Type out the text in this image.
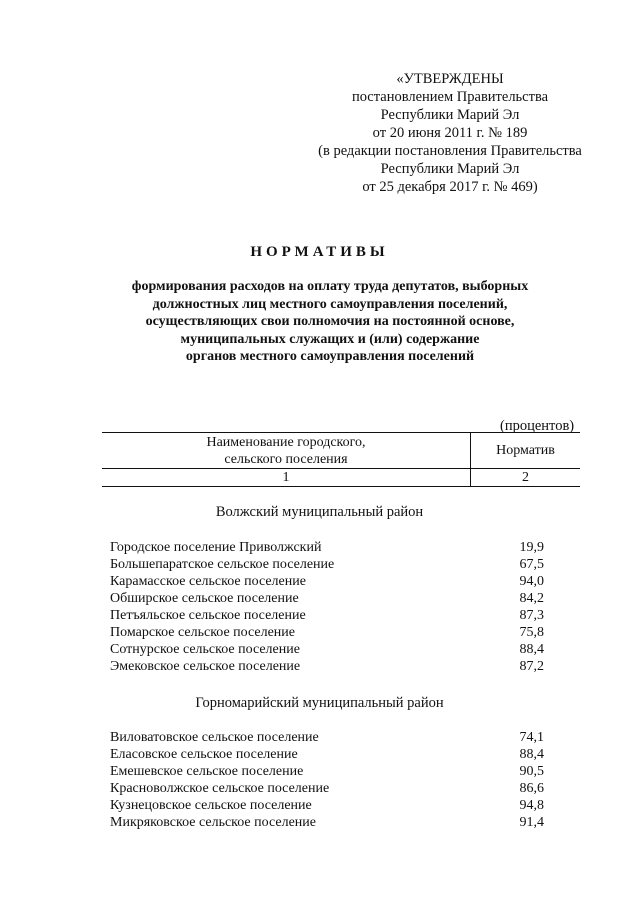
«УТВЕРЖДЕНЫ
постановлением Правительства
Республики Марий Эл
от 20 июня 2011 г. № 189
(в редакции постановления Правительства
Республики Марий Эл
от 25 декабря 2017 г. № 469)
НОРМАТИВЫ
формирования расходов на оплату труда депутатов, выборных
должностных лиц местного самоуправления поселений,
осуществляющих свои полномочия на постоянной основе,
муниципальных служащих и (или) содержание
органов местного самоуправления поселений
(процентов)
Наименование городского,
сельского поселения	Норматив
1	2
Волжский муниципальный район
Городское поселение Приволжский	19,9
Большепаратское сельское поселение	67,5
Карамасское сельское поселение	94,0
Обширское сельское поселение	84,2
Петъяльское сельское поселение	87,3
Помарское сельское поселение	75,8
Сотнурское сельское поселение	88,4
Эмековское сельское поселение	87,2
Горномарийский муниципальный район
Виловатовское сельское поселение	74,1
Еласовское сельское поселение	88,4
Емешевское сельское поселение	90,5
Красноволжское сельское поселение	86,6
Кузнецовское сельское поселение	94,8
Микряковское сельское поселение	91,4
